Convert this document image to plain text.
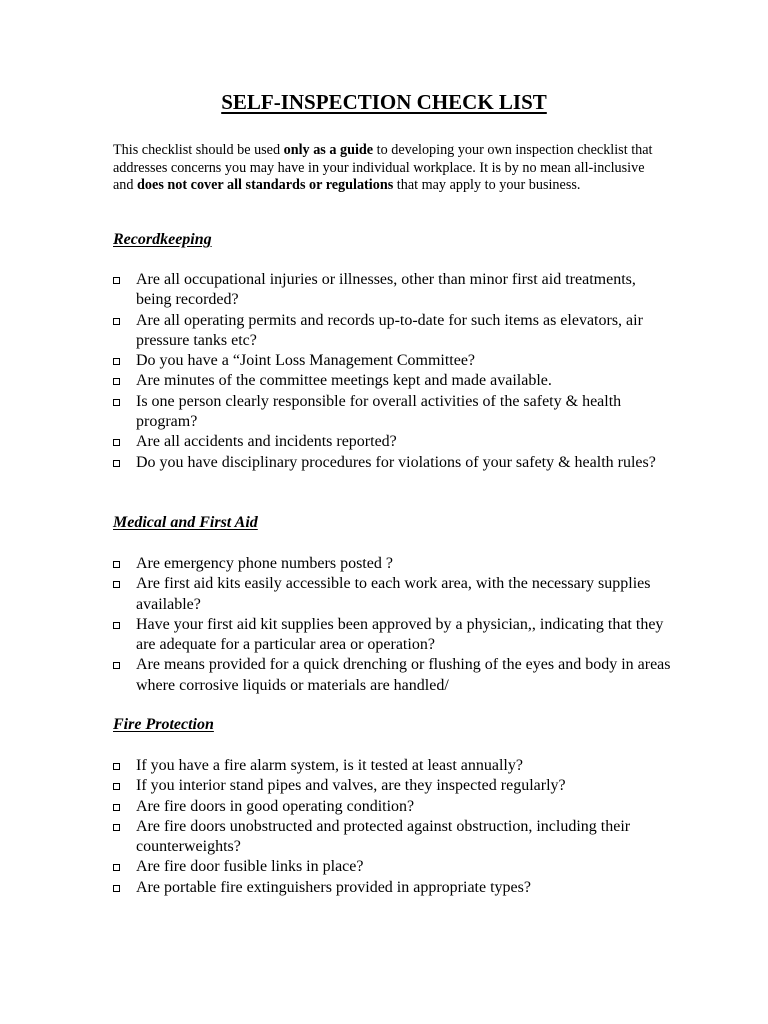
SELF-INSPECTION CHECK LIST

This checklist should be used only as a guide to developing your own inspection checklist that addresses concerns you may have in your individual workplace. It is by no mean all-inclusive and does not cover all standards or regulations that may apply to your business.

Recordkeeping
Are all occupational injuries or illnesses, other than minor first aid treatments, being recorded?
Are all operating permits and records up-to-date for such items as elevators, air pressure tanks etc?
Do you have a “Joint Loss Management Committee?
Are minutes of the committee meetings kept and made available.
Is one person clearly responsible for overall activities of the safety & health program?
Are all accidents and incidents reported?
Do you have disciplinary procedures for violations of your safety & health rules?
Medical and First Aid
Are emergency phone numbers posted ?
Are first aid kits easily accessible to each work area, with the necessary supplies available?
Have your first aid kit supplies been approved by a physician,, indicating that they are adequate for a particular area or operation?
Are means provided for a quick drenching or flushing of the eyes and body in areas where corrosive liquids or materials are handled/
Fire Protection
If you have a fire alarm system, is it tested at least annually?
If you interior stand pipes and valves, are they inspected regularly?
Are fire doors in good operating condition?
Are fire doors unobstructed and protected against obstruction, including their counterweights?
Are fire door fusible links in place?
Are portable fire extinguishers provided in appropriate types?
